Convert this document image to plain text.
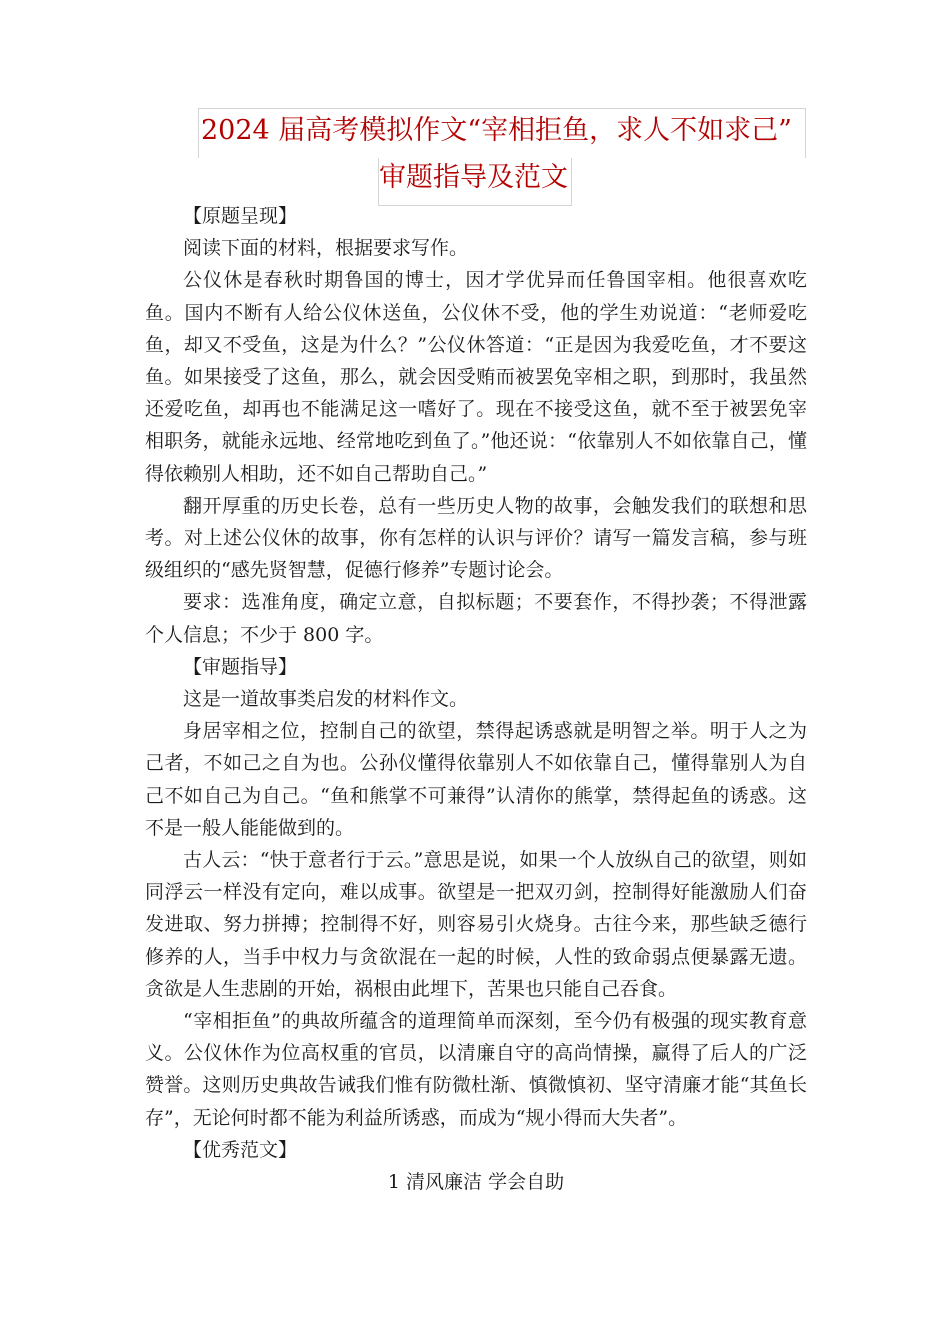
2024 届高考模拟作文“宰相拒鱼，求人不如求己”
审题指导及范文

【原题呈现】

阅读下面的材料，根据要求写作。

公仪休是春秋时期鲁国的博士，因才学优异而任鲁国宰相。他很喜欢吃鱼。国内不断有人给公仪休送鱼，公仪休不受，他的学生劝说道：“老师爱吃鱼，却又不受鱼，这是为什么？”公仪休答道：“正是因为我爱吃鱼，才不要这鱼。如果接受了这鱼，那么，就会因受贿而被罢免宰相之职，到那时，我虽然还爱吃鱼，却再也不能满足这一嗜好了。现在不接受这鱼，就不至于被罢免宰相职务，就能永远地、经常地吃到鱼了。”他还说：“依靠别人不如依靠自己，懂得依赖别人相助，还不如自己帮助自己。”

翻开厚重的历史长卷，总有一些历史人物的故事，会触发我们的联想和思考。对上述公仪休的故事，你有怎样的认识与评价？请写一篇发言稿，参与班级组织的“感先贤智慧，促德行修养”专题讨论会。

要求：选准角度，确定立意，自拟标题；不要套作，不得抄袭；不得泄露个人信息；不少于 800 字。

【审题指导】

这是一道故事类启发的材料作文。

身居宰相之位，控制自己的欲望，禁得起诱惑就是明智之举。明于人之为己者，不如己之自为也。公孙仪懂得依靠别人不如依靠自己，懂得靠别人为自己不如自己为自己。“鱼和熊掌不可兼得”认清你的熊掌，禁得起鱼的诱惑。这不是一般人能能做到的。

古人云：“快于意者行于云。”意思是说，如果一个人放纵自己的欲望，则如同浮云一样没有定向，难以成事。欲望是一把双刃剑，控制得好能激励人们奋发进取、努力拼搏；控制得不好，则容易引火烧身。古往今来，那些缺乏德行修养的人，当手中权力与贪欲混在一起的时候，人性的致命弱点便暴露无遗。贪欲是人生悲剧的开始，祸根由此埋下，苦果也只能自己吞食。

“宰相拒鱼”的典故所蕴含的道理简单而深刻，至今仍有极强的现实教育意义。公仪休作为位高权重的官员，以清廉自守的高尚情操，赢得了后人的广泛赞誉。这则历史典故告诫我们惟有防微杜渐、慎微慎初、坚守清廉才能“其鱼长存”，无论何时都不能为利益所诱惑，而成为“规小得而大失者”。

【优秀范文】

1 清风廉洁 学会自助
